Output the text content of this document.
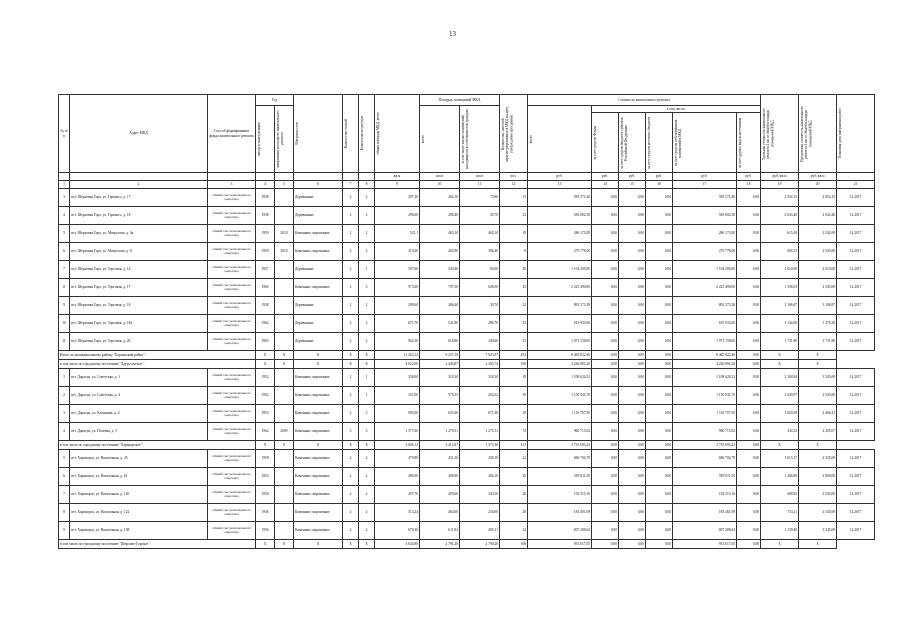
13
№ п/п	Адрес МКД	Способ формирования фонда капитального ремонта	Год		Материал стен	Количество этажей	Количество подъездов	общая площадь МКД, всего	Площадь помещений МКД		Количество жителей, зарегистрированных в МКД на дату утверждения программы	Стоимость капитального ремонта						Удельная стоимость капитального ремонта 1 кв. м общей площади помещений МКД	Предельная стоимость капитального ремонта 1 кв. м общей площади помещений МКД	Плановая дата завершения работ

			ввода в эксплуатацию	завершения последнего капитального ремонта					всего	в том числе жилых помещений, находящихся в собственности граждан		всего	в том числе:							

													за счет средств Фонда	за счет средств бюджета субъекта Российской Федерации	за счет средств местного бюджета	за счет средств собственников помещений в МКД	за счет других видов источников			

								кв.м	кв.м	кв.м	чел.	руб.	руб.	руб.	руб.	руб.	руб.	руб./кв.м	руб./кв.м	
1	2	3	4	5	6	7	8	9	10	11	12	13	14	15	16	17	18	19	20	21
3	пгт. Шерловая Гора, ул. Горького, д. 17	общий счет регионального оператора	1938		Деревянные	2	2	297,20	284,10	75,80	13	583 571,40	0,00	0,00	0,00	583 571,40	0,00	2 054,15	2 054,15	12.2017
4	пгт. Шерловая Гора, ул. Горького, д. 18	общий счет регионального оператора	1938		Деревянные	2	2	296,60	288,40	39,70	23	583 802,50	0,00	0,00	0,00	583 802,50	0,00	2 043,40	2 043,40	12.2017
5	пгт. Шерловая Гора, ул. Матросова, д. 4а	общий счет регионального оператора	1959	2010	Каменные, кирпичные	2	2	521,1	465,10	465,10	18	286 173,00	0,00	0,00	0,00	286 173,00	0,00	615,30	2 542,69	12.2017
6	пгт. Шерловая Гора, ул. Матросова, д. 6	общий счет регионального оператора	1959	2010	Каменные, кирпичные	2	2	319,20	402,80	396,40	8	279 778,00	0,00	0,00	0,00	279 778,00	0,00	694,33	2 545,69	12.2017
7	пгт. Шерловая Гора, ул. Торговая, д. 14	общий счет регионального оператора	1957		Деревянные	2	1	597,60	549,40	83,00	20	1 104 295,00	0,00	0,00	0,00	1 104 295,00	0,00	2 010,00	2 010,00	12.2017
8	пгт. Шерловая Гора, ул. Торговая, д. 17	общий счет регионального оператора	1984		Каменные, кирпичные	2	3	973,60	797,50	638,50	45	2 225 490,00	0,00	0,00	0,00	2 225 490,00	0,00	1 356,03	2 545,69	12.2017
9	пгт. Шерловая Гора, ул. Торговая, д. 18	общий счет регионального оператора	1938		Деревянные	2	2	299,60	286,40	39,70	22	892 373,38	0,00	0,00	0,00	892 373,38	0,00	3 106,87	3 106,87	12.2017
10	пгт. Шерловая Гора, ул. Торговая, д. 18а	общий счет регионального оператора	1962		Деревянные	2	3	671,70	541,90	286,70	32	619 933,60	0,00	0,00	0,00	619 933,60	0,00	1 144,00	1 276,28	12.2017
11	пгт. Шерловая Гора, ул. Торговая, д. 20	общий счет регионального оператора	1965		Деревянные	2	2	962,30	618,80	349,60	33	1 071 158,00	0,00	0,00	0,00	1 071 158,00	0,00	1 731,88	1 731,88	12.2017
Итого по муниципальному району "Борзинский район":			X	X	X	X	X	11 263,12	9 237,10	7 923,97	452	8 465 822,46	0,00	0,00	0,00	8 465 822,46	0,00	X	X	
в том числе по городскому поселению "Даурусунское":			X	X	X	X	X	4 022,00	2 446,87	2 365,74	100	4 226 891,20	0,00	0,00	0,00	4 226 891,20	0,00	X	X	
1	пгт. Дарасун, ул. Советская, д. 1	общий счет регионального оператора	1952		Каменные, кирпичные	2	1	356,00	318,30	318,30	18	1 108 624,52	0,00	0,00	0,00	1 108 624,52	0,00	3 104,84	3 545,69	12.2017
2	пгт. Дарасун, ул. Советская, д. 4	общий счет регионального оператора	1952		Каменные, кирпичные	2	1	351,00	575,55	454,52	30	1 150 941,70	0,00	0,00	0,00	1 150 941,70	0,00	2 449,97	2 545,69	12.2017
3	пгт. Дарасун, ул. Калинина, д. 4	общий счет регионального оператора	1953		Каменные, кирпичные	2	3	905,00	633,46	671,48	18	1 116 707,50	0,00	0,00	0,00	1 116 707,50	0,00	1 820,38	2 466,41	12.2017
4	пгт. Дарасун, ул. Полевая, д. 5	общий счет регионального оператора	1962	2009	Каменные, кирпичные	3	3	1 577,66	1 279,51	1 275,51	74	960 715,02	0,00	0,00	0,00	960 715,02	0,00	334,32	2 205,07	12.2017
в том числе по городскому поселению "Харанорское":			X	X	X	X	X	2 606,12	2 412,87	1 373,36	131	2 735 093,22	0,00	0,00	0,00	2 735 093,22	0,00	X	X	
5	пгт. Харанорск, ул. Вокзальная, д. 45	общий счет регионального оператора	1958		Каменные, кирпичные	2	2	479,88	431,36	200,18	22	686 704,79	0,00	0,00	0,00	686 704,79	0,00	1 613,17	2 325,69	12.2017
6	пгт. Харанорск, ул. Вокзальная, д. 61	общий счет регионального оператора	1953		Каменные, кирпичные	2	2	486,00	498,80	284,10	25	585 811,50	0,00	0,00	0,00	585 811,50	0,00	1 266,89	2 800,00	12.2017
7	пгт. Харанорск, ул. Вокзальная, д. 120	общий счет регионального оператора	1934		Каменные, кирпичные	2	2	497,70	459,60	343,50	20	192 315,16	0,00	0,00	0,00	192 315,16	0,00	408,83	2 545,69	12.2017
8	пгт. Харанорск, ул. Вокзальная, д. 122	общий счет регионального оператора	1936		Каменные, кирпичные	2	2	513,24	464,00	216,00	28	183 461,09	0,00	0,00	0,00	183 461,09	0,00	733,11	2 545,69	12.2017
9	пгт. Харанорск, ул. Вокзальная, д. 158	общий счет регионального оператора	1956		Каменные, кирпичные	2	2	679,30	611,82	405,31	34	697 288,64	0,00	0,00	0,00	697 288,64	0,00	1 139,40	3 545,69	12.2017
в том числе по городскому поселению "Шерлово-Горское":			X	X	X	X	X	3 634,80	2 791,20	2 790,20	106	953 617,05	0,00	0,00	0,00	953 617,05	0,00	X	X	
